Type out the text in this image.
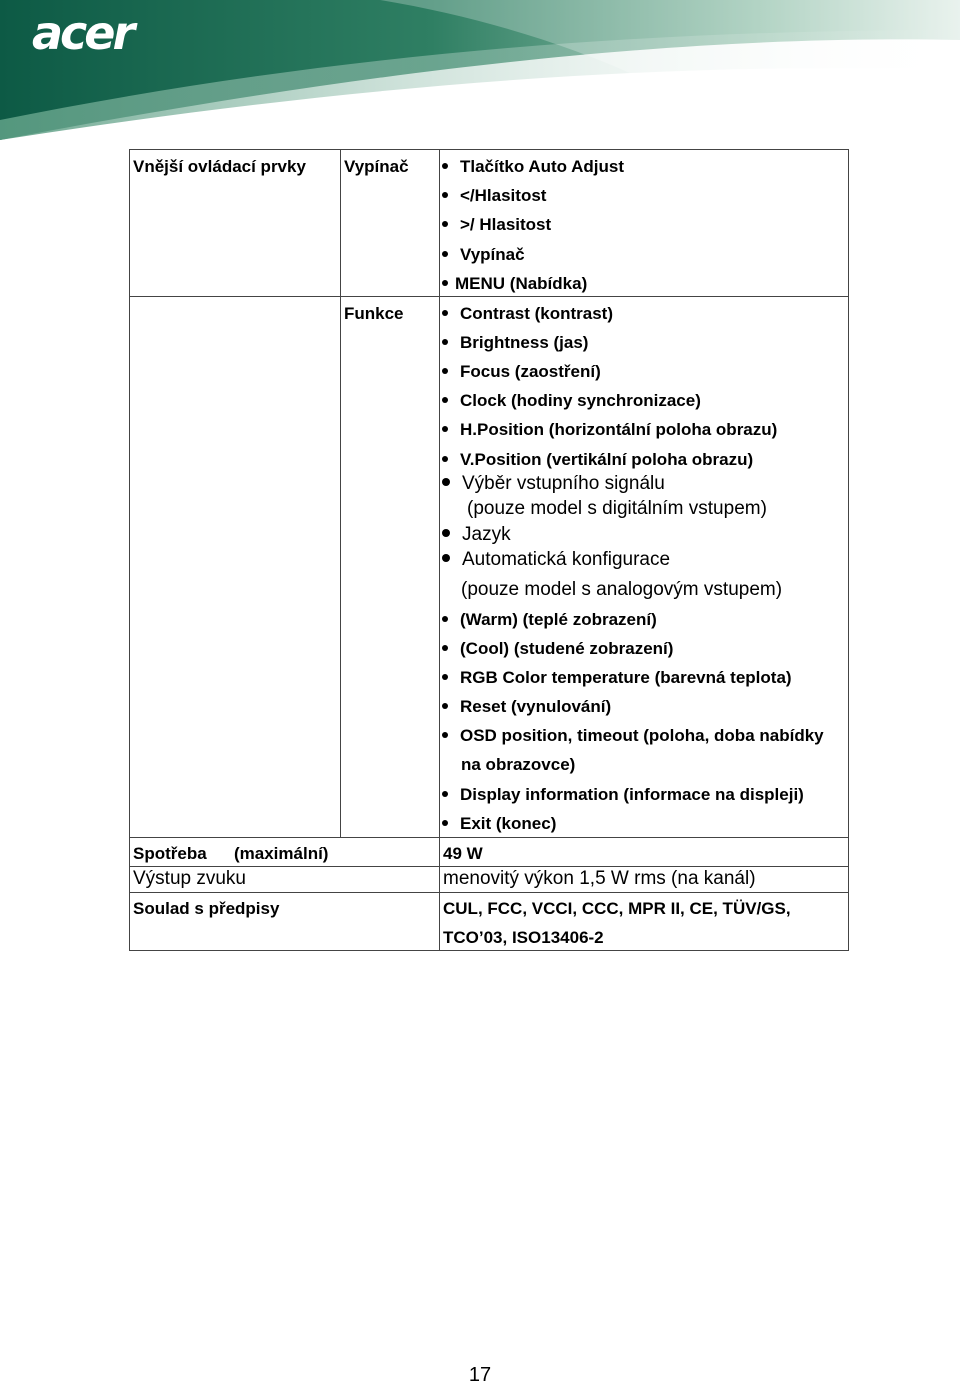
acer
Vnější ovládací prvky
Spotřeba (maximální)
Výstup zvuku
Soulad s předpisy
Vypínač
Funkce
Tlačítko Auto Adjust
</Hlasitost
>/ Hlasitost
Vypínač
MENU (Nabídka)
Contrast (kontrast)
Brightness (jas)
Focus (zaostření)
Clock (hodiny synchronizace)
H.Position (horizontální poloha obrazu)
V.Position (vertikální poloha obrazu)
Výběr vstupního signálu
(pouze model s digitálním vstupem)
Jazyk
Automatická konfigurace
(pouze model s analogovým vstupem)
(Warm) (teplé zobrazení)
(Cool) (studené zobrazení)
RGB Color temperature (barevná teplota)
Reset (vynulování)
OSD position, timeout (poloha, doba nabídky
na obrazovce)
Display information (informace na displeji)
Exit (konec)
49 W
menovitý výkon 1,5 W rms (na kanál)
CUL, FCC, VCCI, CCC, MPR II, CE, TÜV/GS,
TCO’03, ISO13406-2
17
